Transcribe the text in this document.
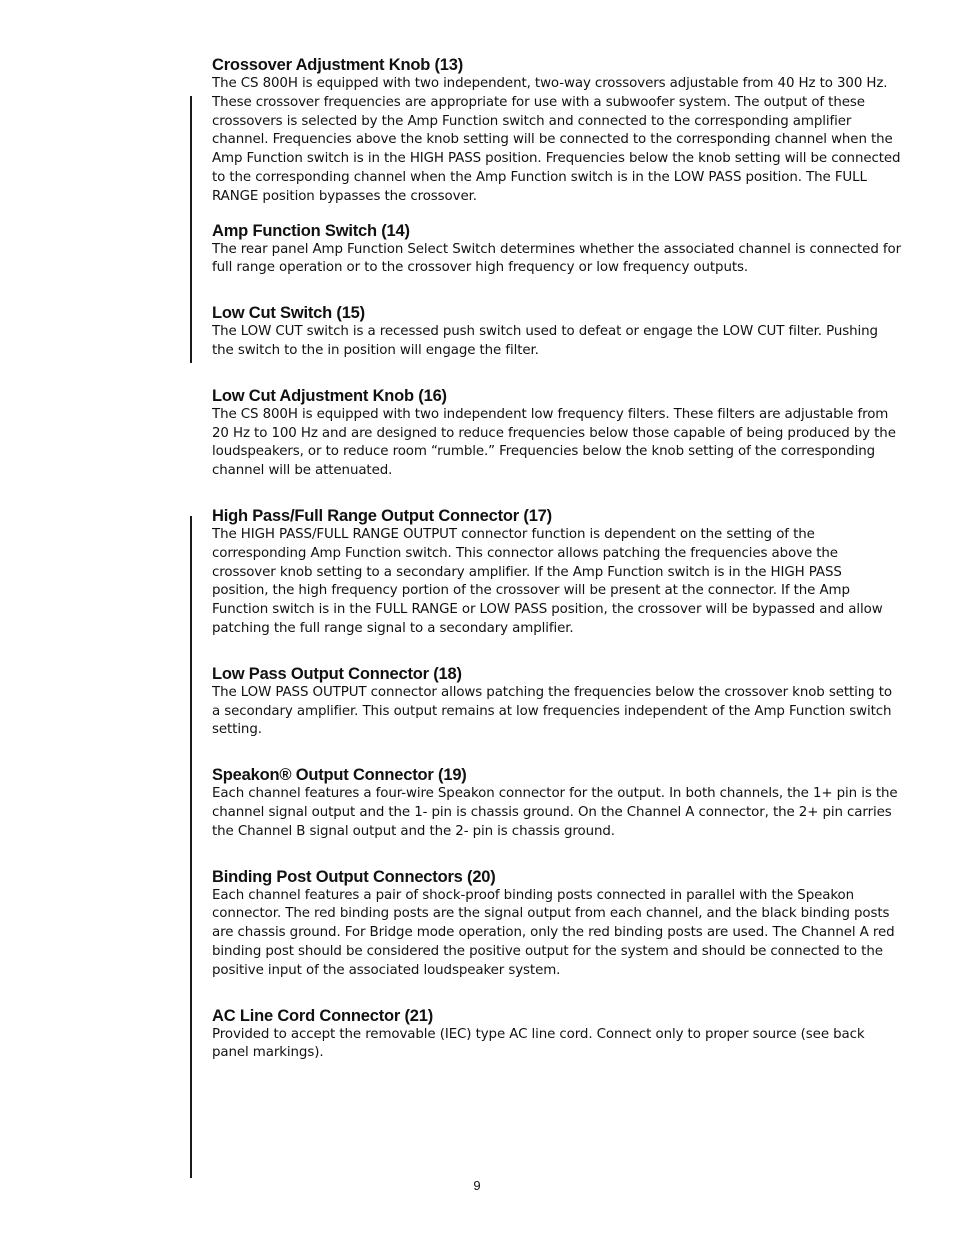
Crossover Adjustment Knob (13)

The CS 800H is equipped with two independent, two-way crossovers adjustable from 40 Hz to 300 Hz. These crossover frequencies are appropriate for use with a subwoofer system. The output of these crossovers is selected by the Amp Function switch and connected to the corresponding amplifier channel. Frequencies above the knob setting will be connected to the corresponding channel when the Amp Function switch is in the HIGH PASS position. Frequencies below the knob setting will be connected to the corresponding channel when the Amp Function switch is in the LOW PASS position. The FULL RANGE position bypasses the crossover.

Amp Function Switch (14)

The rear panel Amp Function Select Switch determines whether the associated channel is connected for full range operation or to the crossover high frequency or low frequency outputs.

Low Cut Switch (15)

The LOW CUT switch is a recessed push switch used to defeat or engage the LOW CUT filter. Pushing the switch to the in position will engage the filter.

Low Cut Adjustment Knob (16)

The CS 800H is equipped with two independent low frequency filters. These filters are adjustable from 20 Hz to 100 Hz and are designed to reduce frequencies below those capable of being produced by the loudspeakers, or to reduce room “rumble.” Frequencies below the knob setting of the corresponding channel will be attenuated.

High Pass/Full Range Output Connector (17)

The HIGH PASS/FULL RANGE OUTPUT connector function is dependent on the setting of the corresponding Amp Function switch. This connector allows patching the frequencies above the crossover knob setting to a secondary amplifier. If the Amp Function switch is in the HIGH PASS position, the high frequency portion of the crossover will be present at the connector. If the Amp Function switch is in the FULL RANGE or LOW PASS position, the crossover will be bypassed and allow patching the full range signal to a secondary amplifier.

Low Pass Output Connector (18)

The LOW PASS OUTPUT connector allows patching the frequencies below the crossover knob setting to a secondary amplifier. This output remains at low frequencies independent of the Amp Function switch setting.

Speakon® Output Connector (19)

Each channel features a four-wire Speakon connector for the output. In both channels, the 1+ pin is the channel signal output and the 1- pin is chassis ground. On the Channel A connector, the 2+ pin carries the Channel B signal output and the 2- pin is chassis ground.

Binding Post Output Connectors (20)

Each channel features a pair of shock-proof binding posts connected in parallel with the Speakon connector. The red binding posts are the signal output from each channel, and the black binding posts are chassis ground. For Bridge mode operation, only the red binding posts are used. The Channel A red binding post should be considered the positive output for the system and should be connected to the positive input of the associated loudspeaker system.

AC Line Cord Connector (21)

Provided to accept the removable (IEC) type AC line cord. Connect only to proper source (see back panel markings).

9
